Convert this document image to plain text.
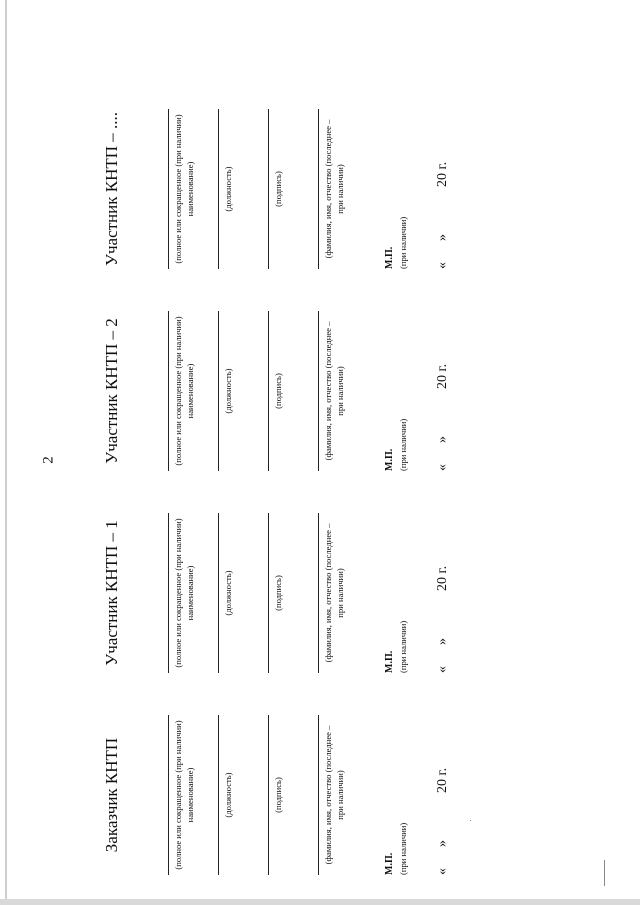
2
Заказчик КНТП	(полное или сокращенное (при наличии) наименование)	(должность)	(подпись)	(фамилия, имя, отчество (последнее – при наличии)
М.П. (при наличии) «
»
20 г.
Участник КНТП – 1	(полное или сокращенное (при наличии) наименование)	(должность)	(подпись)	(фамилия, имя, отчество (последнее – при наличии)
М.П. (при наличии) «
»
20 г.
Участник КНТП – 2	(полное или сокращенное (при наличии) наименование)	(должность)	(подпись)	(фамилия, имя, отчество (последнее – при наличии)
М.П. (при наличии) «
»
20 г.
Участник КНТП – ....	(полное или сокращенное (при наличии) наименование)	(должность)	(подпись)	(фамилия, имя, отчество (последнее – при наличии)
М.П. (при наличии) «
»
20 г.
